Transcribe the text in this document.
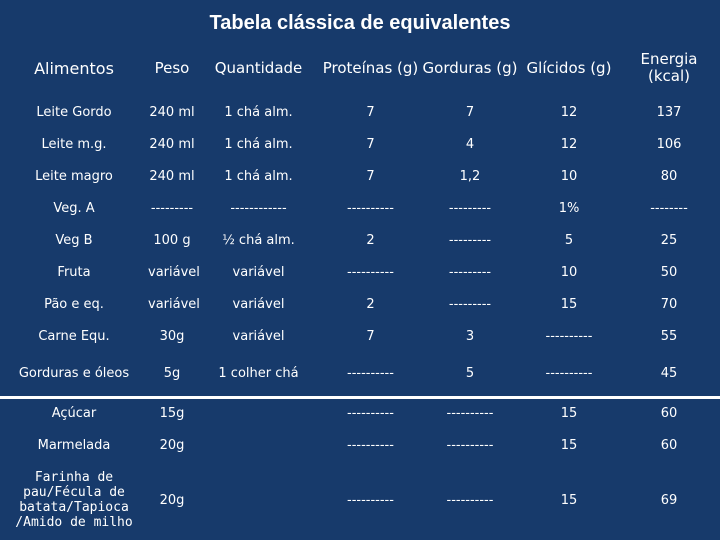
Tabela clássica de equivalentes
Alimentos	Peso	Quantidade	Proteínas (g)	Gorduras (g)	Glícidos (g)	Energia (kcal)
Leite Gordo	240 ml	1 chá alm.	7	7	12	137
Leite m.g.	240 ml	1 chá alm.	7	4	12	106
Leite magro	240 ml	1 chá alm.	7	1,2	10	80
Veg. A	---------	------------	----------	---------	1%	--------
Veg B	100 g	½ chá alm.	2	---------	5	25
Fruta	variável	variável	----------	---------	10	50
Pão e eq.	variável	variável	2	---------	15	70
Carne Equ.	30g	variável	7	3	----------	55
Gorduras e óleos	5g	1 colher chá	----------	5	----------	45
Açúcar	15g		----------	----------	15	60
Marmelada	20g		----------	----------	15	60
Farinha de pau/Fécula de batata/Tapioca /Amido de milho	20g		----------	----------	15	69
